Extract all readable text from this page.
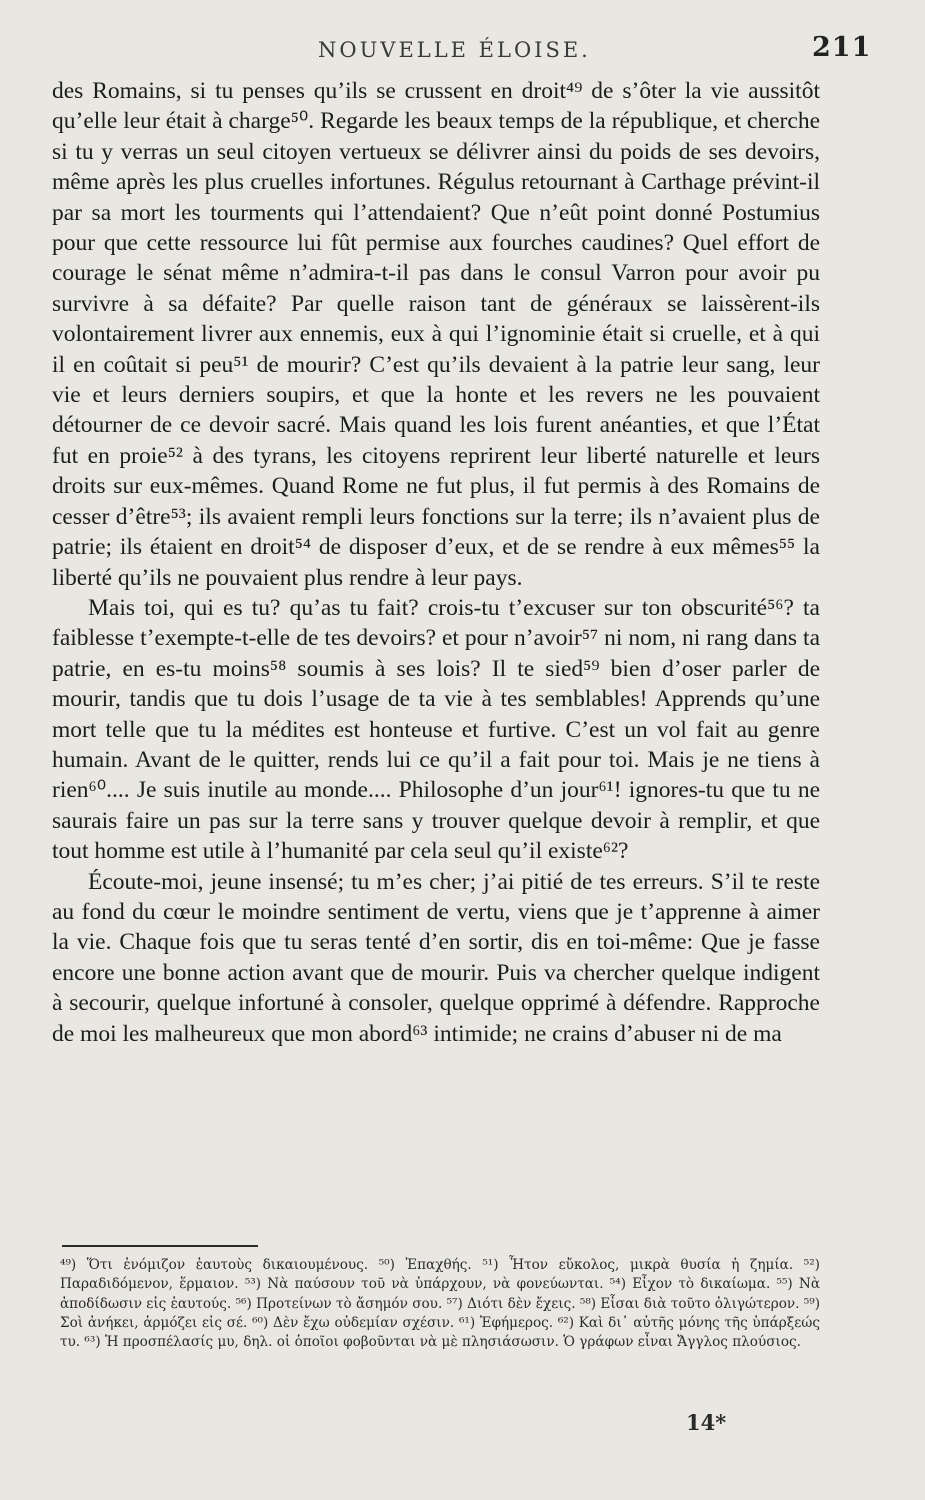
NOUVELLE ÉLOISE.	211

des Romains, si tu penses qu’ils se crussent en droit⁴⁹ de s’ôter la vie aussitôt qu’elle leur était à charge⁵⁰. Regarde les beaux temps de la république, et cherche si tu y verras un seul citoyen vertueux se délivrer ainsi du poids de ses devoirs, même après les plus cruelles infortunes. Régulus retournant à Carthage prévint-il par sa mort les tourments qui l’attendaient? Que n’eût point donné Postumius pour que cette ressource lui fût permise aux fourches caudines? Quel effort de courage le sénat même n’admira-t-il pas dans le consul Varron pour avoir pu survivre à sa défaite? Par quelle raison tant de généraux se laissèrent-ils volontairement livrer aux ennemis, eux à qui l’ignominie était si cruelle, et à qui il en coûtait si peu⁵¹ de mourir? C’est qu’ils devaient à la patrie leur sang, leur vie et leurs derniers soupirs, et que la honte et les revers ne les pouvaient détourner de ce devoir sacré. Mais quand les lois furent anéanties, et que l’État fut en proie⁵² à des tyrans, les citoyens reprirent leur liberté naturelle et leurs droits sur eux-mêmes. Quand Rome ne fut plus, il fut permis à des Romains de cesser d’être⁵³; ils avaient rempli leurs fonctions sur la terre; ils n’avaient plus de patrie; ils étaient en droit⁵⁴ de disposer d’eux, et de se rendre à eux mêmes⁵⁵ la liberté qu’ils ne pouvaient plus rendre à leur pays.

Mais toi, qui es tu? qu’as tu fait? crois-tu t’excuser sur ton obscurité⁵⁶? ta faiblesse t’exempte-t-elle de tes devoirs? et pour n’avoir⁵⁷ ni nom, ni rang dans ta patrie, en es-tu moins⁵⁸ soumis à ses lois? Il te sied⁵⁹ bien d’oser parler de mourir, tandis que tu dois l’usage de ta vie à tes semblables! Apprends qu’une mort telle que tu la médites est honteuse et furtive. C’est un vol fait au genre humain. Avant de le quitter, rends lui ce qu’il a fait pour toi. Mais je ne tiens à rien⁶⁰.... Je suis inutile au monde.... Philosophe d’un jour⁶¹! ignores-tu que tu ne saurais faire un pas sur la terre sans y trouver quelque devoir à remplir, et que tout homme est utile à l’humanité par cela seul qu’il existe⁶²?

Écoute-moi, jeune insensé; tu m’es cher; j’ai pitié de tes erreurs. S’il te reste au fond du cœur le moindre sentiment de vertu, viens que je t’apprenne à aimer la vie. Chaque fois que tu seras tenté d’en sortir, dis en toi-même: Que je fasse encore une bonne action avant que de mourir. Puis va chercher quelque indigent à secourir, quelque infortuné à consoler, quelque opprimé à défendre. Rapproche de moi les malheureux que mon abord⁶³ intimide; ne crains d’abuser ni de ma

⁴⁹) Ὅτι ἐνόμιζον ἑαυτοὺς δικαιουμένους. ⁵⁰) Ἐπαχθής. ⁵¹) Ἦτον εὔκολος, μικρὰ θυσία ἡ ζημία. ⁵²) Παραδιδόμενον, ἕρμαιον. ⁵³) Νὰ παύσουν τοῦ νὰ ὑπάρχουν, νὰ φονεύωνται. ⁵⁴) Εἶχον τὸ δικαίωμα. ⁵⁵) Νὰ ἀποδίδωσιν εἰς ἑαυτούς. ⁵⁶) Προτείνων τὸ ἄσημόν σου. ⁵⁷) Διότι δὲν ἔχεις. ⁵⁸) Εἶσαι διὰ τοῦτο ὀλιγώτερον. ⁵⁹) Σοὶ ἀνήκει, ἁρμόζει εἰς σέ. ⁶⁰) Δὲν ἔχω οὐδεμίαν σχέσιν. ⁶¹) Ἐφήμερος. ⁶²) Καὶ δι᾽ αὐτῆς μόνης τῆς ὑπάρξεώς τυ. ⁶³) Ἡ προσπέλασίς μυ, δηλ. οἱ ὁποῖοι φοβοῦνται νὰ μὲ πλησιάσωσιν. Ὁ γράφων εἶναι Ἄγγλος πλούσιος.
14*
